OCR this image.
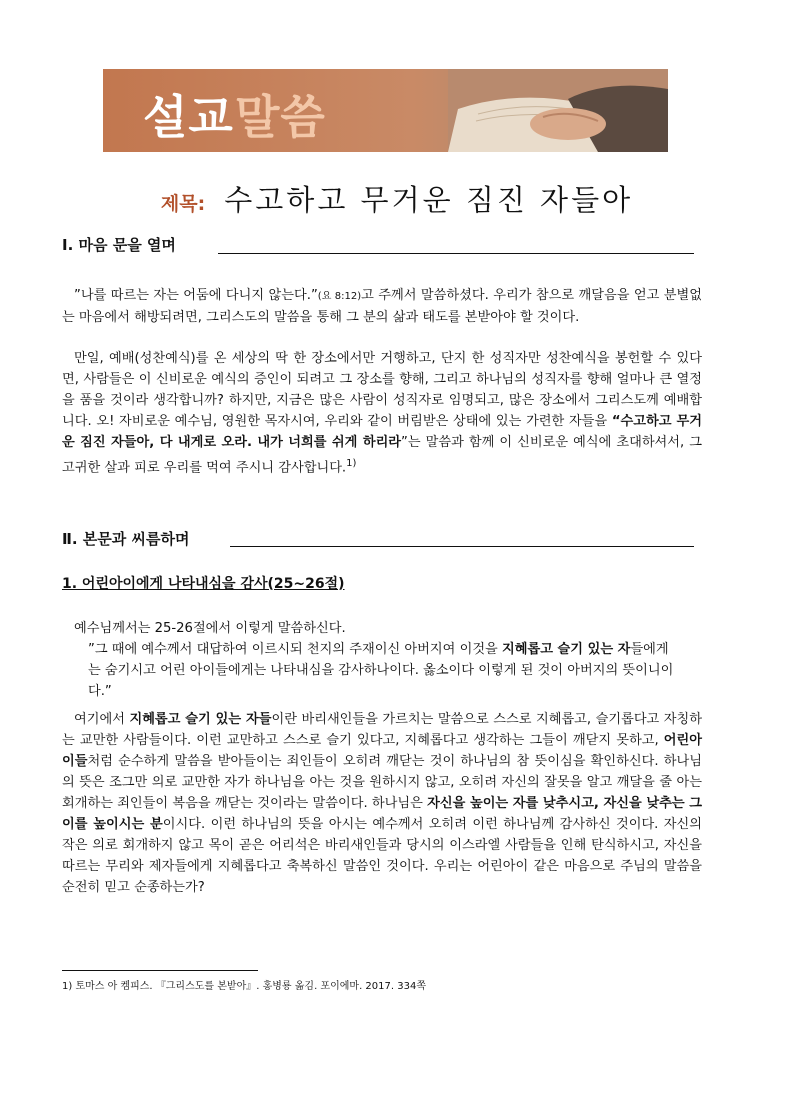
설교 말씀
제목: 수고하고 무거운 짐진 자들아
Ⅰ. 마음 문을 열며

”나를 따르는 자는 어둠에 다니지 않는다.”(요 8:12)고 주께서 말씀하셨다. 우리가 참으로 깨달음을 얻고 분별없는 마음에서 해방되려면, 그리스도의 말씀을 통해 그 분의 삶과 태도를 본받아야 할 것이다.

만일, 예배(성찬예식)를 온 세상의 딱 한 장소에서만 거행하고, 단지 한 성직자만 성찬예식을 봉헌할 수 있다면, 사람들은 이 신비로운 예식의 증인이 되려고 그 장소를 향해, 그리고 하나님의 성직자를 향해 얼마나 큰 열정을 품을 것이라 생각합니까? 하지만, 지금은 많은 사람이 성직자로 임명되고, 많은 장소에서 그리스도께 예배합니다. 오! 자비로운 예수님, 영원한 목자시여, 우리와 같이 버림받은 상태에 있는 가련한 자들을 “수고하고 무거운 짐진 자들아, 다 내게로 오라. 내가 너희를 쉬게 하리라”는 말씀과 함께 이 신비로운 예식에 초대하셔서, 그 고귀한 살과 피로 우리를 먹여 주시니 감사합니다.$^{1)}$

Ⅱ. 본문과 씨름하며
1. 어린아이에게 나타내심을 감사(25~26절)

예수님께서는 25-26절에서 이렇게 말씀하신다.

”그 때에 예수께서 대답하여 이르시되 천지의 주재이신 아버지여 이것을 지혜롭고 슬기 있는 자들에게는 숨기시고 어린 아이들에게는 나타내심을 감사하나이다. 옳소이다 이렇게 된 것이 아버지의 뜻이니이다.”

여기에서 지혜롭고 슬기 있는 자들이란 바리새인들을 가르치는 말씀으로 스스로 지혜롭고, 슬기롭다고 자칭하는 교만한 사람들이다. 이런 교만하고 스스로 슬기 있다고, 지혜롭다고 생각하는 그들이 깨닫지 못하고, 어린아이들처럼 순수하게 말씀을 받아들이는 죄인들이 오히려 깨닫는 것이 하나님의 참 뜻이심을 확인하신다. 하나님의 뜻은 조그만 의로 교만한 자가 하나님을 아는 것을 원하시지 않고, 오히려 자신의 잘못을 알고 깨달을 줄 아는 회개하는 죄인들이 복음을 깨닫는 것이라는 말씀이다. 하나님은 자신을 높이는 자를 낮추시고, 자신을 낮추는 그 이를 높이시는 분이시다. 이런 하나님의 뜻을 아시는 예수께서 오히려 이런 하나님께 감사하신 것이다. 자신의 작은 의로 회개하지 않고 목이 곧은 어리석은 바리새인들과 당시의 이스라엘 사람들을 인해 탄식하시고, 자신을 따르는 무리와 제자들에게 지혜롭다고 축복하신 말씀인 것이다. 우리는 어린아이 같은 마음으로 주님의 말씀을 순전히 믿고 순종하는가?

1) 토마스 아 켐피스. 『그리스도를 본받아』. 홍병룡 옮김. 포이에마. 2017. 334쪽
